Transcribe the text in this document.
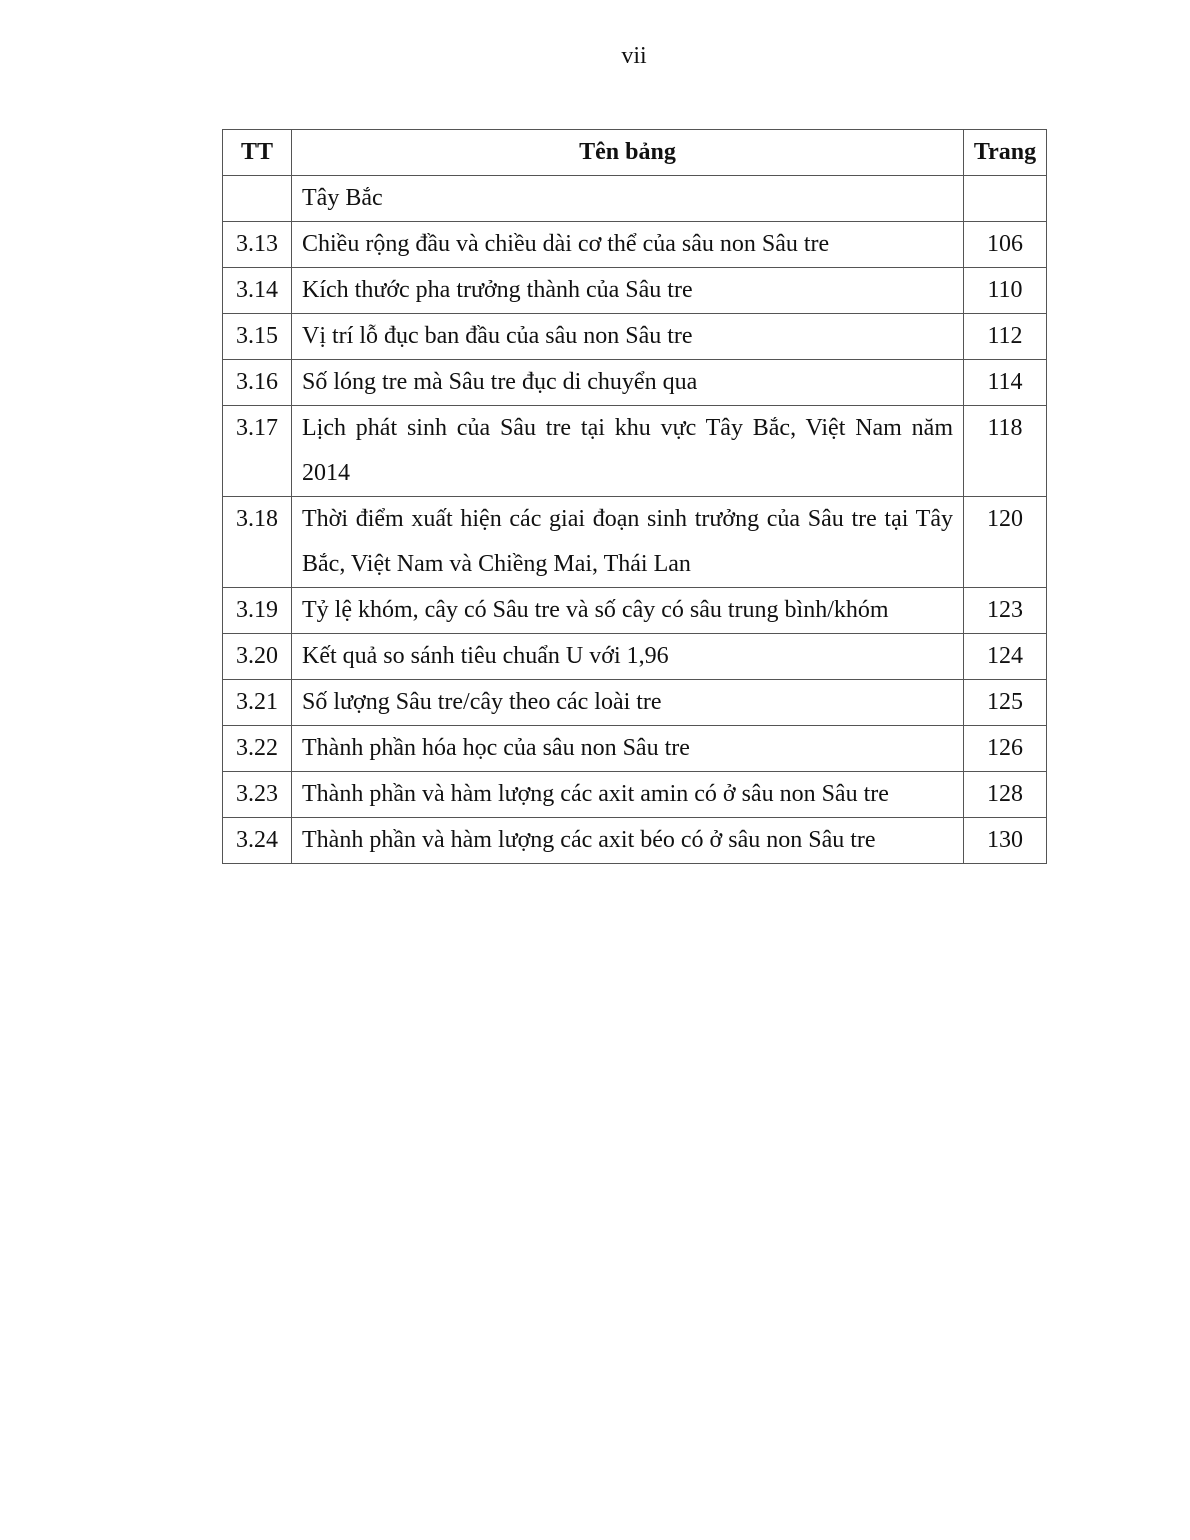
vii
TT	Tên bảng	Trang
	Tây Bắc	
3.13	Chiều rộng đầu và chiều dài cơ thể của sâu non Sâu tre	106
3.14	Kích thước pha trưởng thành của Sâu tre	110
3.15	Vị trí lỗ đục ban đầu của sâu non Sâu tre	112
3.16	Số lóng tre mà Sâu tre đục di chuyển qua	114
3.17	Lịch phát sinh của Sâu tre tại khu vực Tây Bắc, Việt Nam năm 2014	118
3.18	Thời điểm xuất hiện các giai đoạn sinh trưởng của Sâu tre tại Tây Bắc, Việt Nam và Chiềng Mai, Thái Lan	120
3.19	Tỷ lệ khóm, cây có Sâu tre và số cây có sâu trung bình/khóm	123
3.20	Kết quả so sánh tiêu chuẩn U với 1,96	124
3.21	Số lượng Sâu tre/cây theo các loài tre	125
3.22	Thành phần hóa học của sâu non Sâu tre	126
3.23	Thành phần và hàm lượng các axit amin có ở sâu non Sâu tre	128
3.24	Thành phần và hàm lượng các axit béo có ở sâu non Sâu tre	130
